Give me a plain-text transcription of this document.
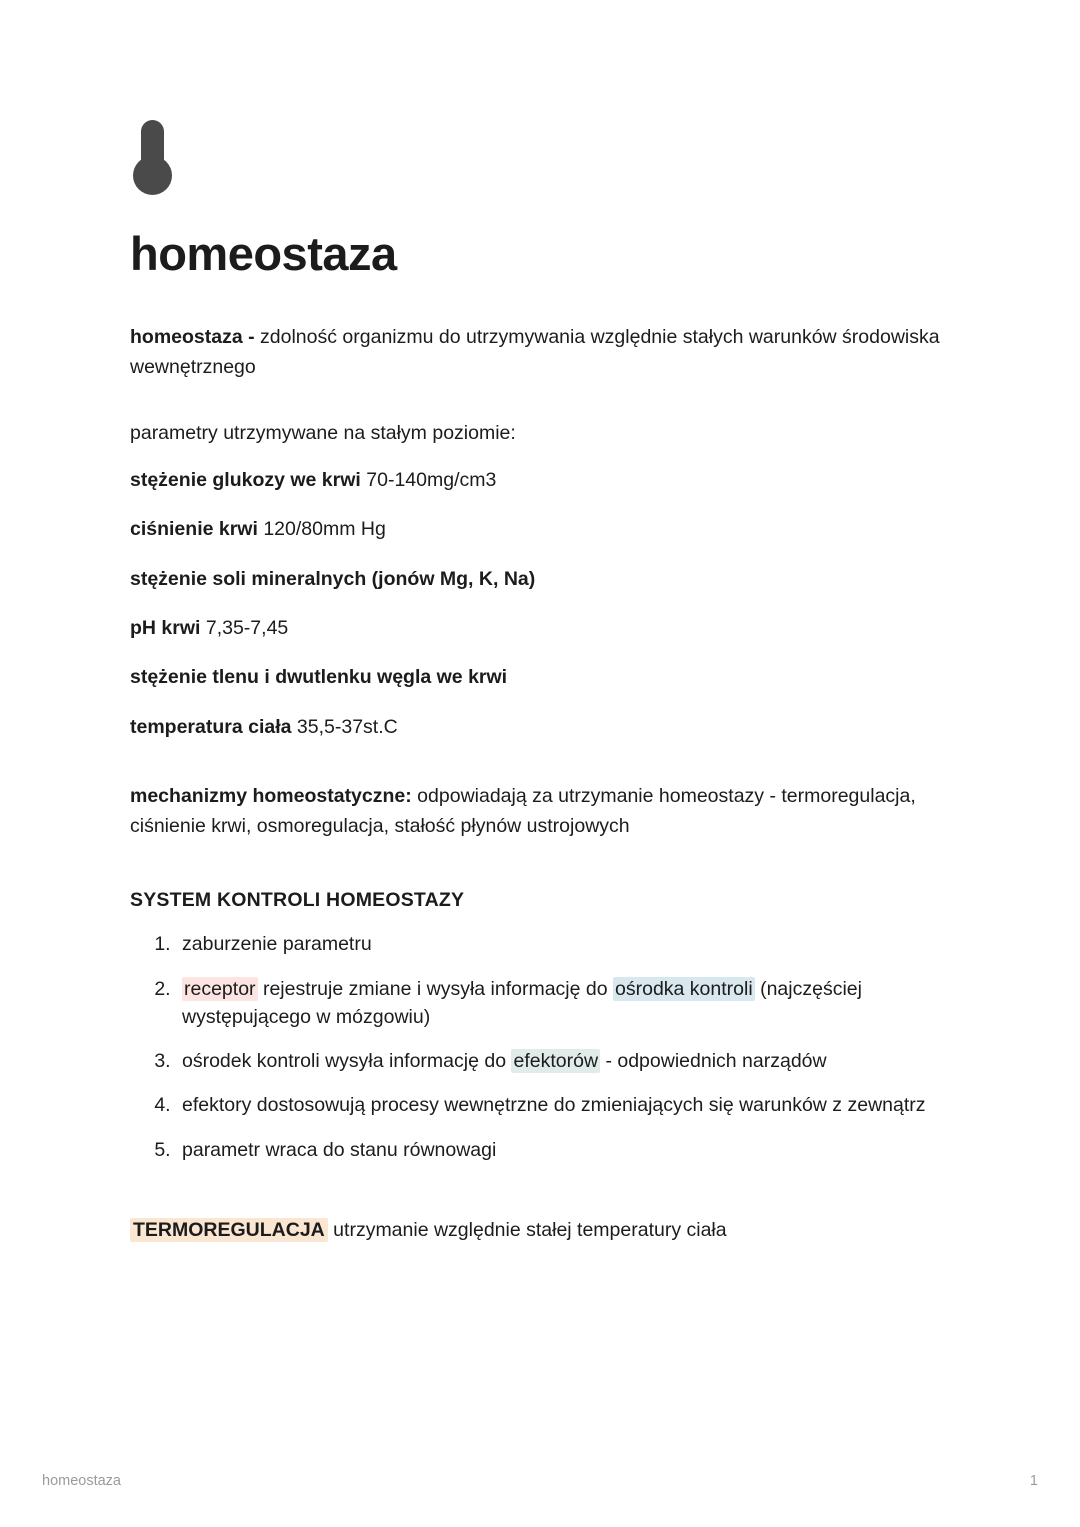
homeostaza

homeostaza - zdolność organizmu do utrzymywania względnie stałych warunków środowiska wewnętrznego

parametry utrzymywane na stałym poziomie:

stężenie glukozy we krwi 70-140mg/cm3

ciśnienie krwi 120/80mm Hg

stężenie soli mineralnych (jonów Mg, K, Na)

pH krwi 7,35-7,45

stężenie tlenu i dwutlenku węgla we krwi

temperatura ciała 35,5-37st.C

mechanizmy homeostatyczne: odpowiadają za utrzymanie homeostazy - termoregulacja, ciśnienie krwi, osmoregulacja, stałość płynów ustrojowych

SYSTEM KONTROLI HOMEOSTAZY
1. zaburzenie parametru
2. receptor rejestruje zmiane i wysyła informację do ośrodka kontroli (najczęściej występującego w mózgowiu)
3. ośrodek kontroli wysyła informację do efektorów - odpowiednich narządów
4. efektory dostosowują procesy wewnętrzne do zmieniających się warunków z zewnątrz
5. parametr wraca do stanu równowagi

TERMOREGULACJA utrzymanie względnie stałej temperatury ciała

homeostaza	1
